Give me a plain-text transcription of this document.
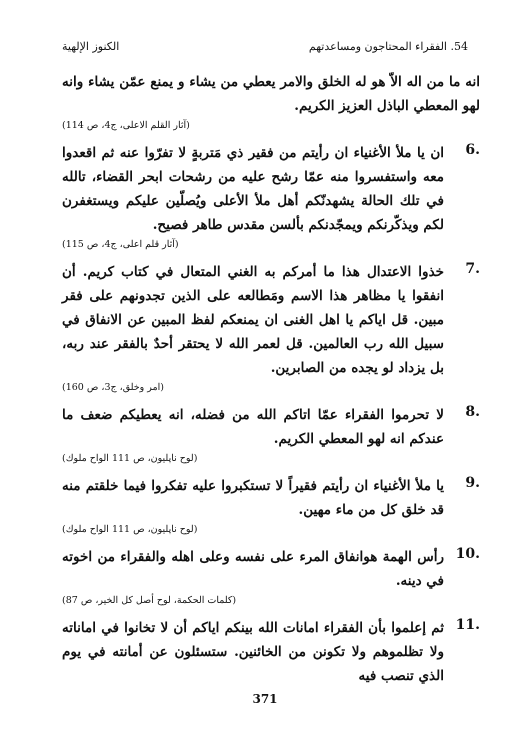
الكنوز الإلهية	54. الفقراء المحتاجون ومساعدتهم
انه ما من اله الاّ هو له الخلق والامر يعطي من يشاء و يمنع عمّن يشاء وانه لهو المعطي الباذل العزيز الكريم.
(آثار القلم الاعلى، ج4، ص 114)
6.
ان يا ملأ الأغنياء ان رأيتم من فقير ذي مَتربةٍ لا تفرّوا عنه ثم اقعدوا معه واستفسروا منه عمّا رشح عليه من رشحات ابحر القضاء، تالله في تلك الحالة يشهدنّكم أهل ملأ الأعلى ويُصلّين عليكم ويستغفرن لكم ويذكّرنكم ويمجّدنكم بألسن مقدس طاهر فصيح.
(آثار قلم اعلى، ج4، ص 115)
7.
خذوا الاعتدال هذا ما أمركم به الغني المتعال في كتاب كريم. أن انفقوا يا مظاهر هذا الاسم ومَطالعه على الذين تجدونهم على فقر مبين. قل اياكم يا اهل الغنى ان يمنعكم لفظ المبين عن الانفاق في سبيل الله رب العالمين. قل لعمر الله لا يحتقر أحدٌ بالفقر عند ربه، بل يزداد لو يجده من الصابرين.
(امر وخلق، ج3، ص 160)
8.
لا تحرموا الفقراء عمّا اتاكم الله من فضله، انه يعطيكم ضعف ما عندكم انه لهو المعطي الكريم.
(لوح ناپلیون، ص 111 الواح ملوك)
9.
يا ملأ الأغنياء ان رأيتم فقيراً لا تستكبروا عليه تفكروا فيما خلقتم منه قد خلق كل من ماء مهين.
(لوح ناپلیون، ص 111 الواح ملوك)
10.
رأس الهمة هوانفاق المرء على نفسه وعلى اهله والفقراء من اخوته في دينه.
(كلمات الحكمة، لوح أصل كل الخير، ص 87)
11.
ثم إعلموا بأن الفقراء امانات الله بينكم اياكم أن لا تخانوا في اماناته ولا تظلموهم ولا تكونن من الخائنين. ستسئلون عن أمانته في يوم الذي تنصب فيه
371
